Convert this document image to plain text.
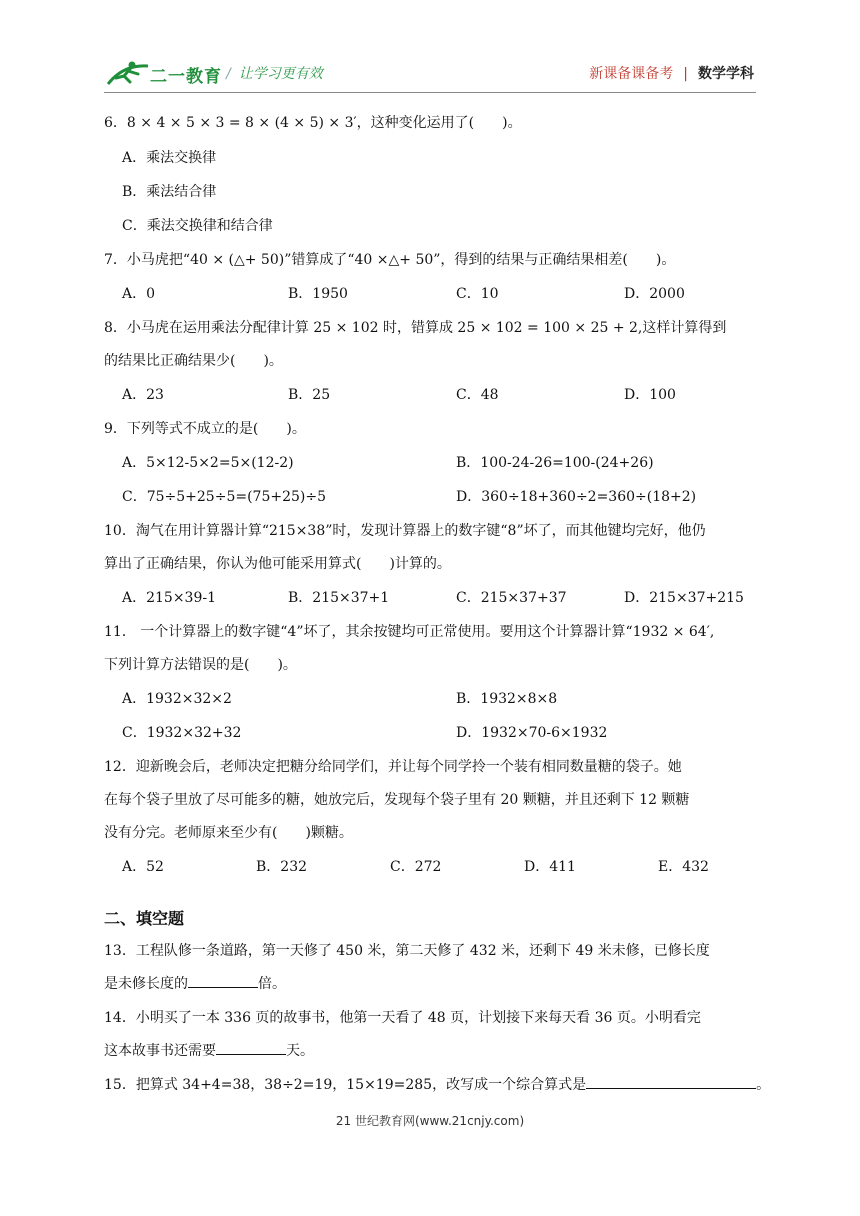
二一教育 / 让学习更有效	新课备课备考 | 数学学科
6．8 × 4 × 5 × 3 = 8 × (4 × 5) × 3′，这种变化运用了(　　)。
A．乘法交换律
B．乘法结合律
C．乘法交换律和结合律
7．小马虎把“40 × (△+ 50)”错算成了“40 ×△+ 50”，得到的结果与正确结果相差(　　)。
A．0	B．1950	C．10	D．2000
8．小马虎在运用乘法分配律计算 25 × 102 时，错算成 25 × 102 = 100 × 25 + 2,这样计算得到
的结果比正确结果少(　　)。
A．23	B．25	C．48	D．100
9．下列等式不成立的是(　　)。
A．5×12-5×2=5×(12-2)	B．100-24-26=100-(24+26)
C．75÷5+25÷5=(75+25)÷5	D．360÷18+360÷2=360÷(18+2)
10．淘气在用计算器计算“215×38”时，发现计算器上的数字键“8”坏了，而其他键均完好，他仍
算出了正确结果，你认为他可能采用算式(　　)计算的。
A．215×39-1	B．215×37+1	C．215×37+37	D．215×37+215
11． 一个计算器上的数字键“4”坏了，其余按键均可正常使用。要用这个计算器计算“1932 × 64′,
下列计算方法错误的是(　　)。
A．1932×32×2	B．1932×8×8
C．1932×32+32	D．1932×70-6×1932
12．迎新晚会后，老师决定把糖分给同学们，并让每个同学拎一个装有相同数量糖的袋子。她
在每个袋子里放了尽可能多的糖，她放完后，发现每个袋子里有 20 颗糖，并且还剩下 12 颗糖
没有分完。老师原来至少有(　　)颗糖。
A．52	B．232	C．272	D．411	E．432
二、填空题
13．工程队修一条道路，第一天修了 450 米，第二天修了 432 米，还剩下 49 米未修，已修长度
是未修长度的	倍。
14．小明买了一本 336 页的故事书，他第一天看了 48 页，计划接下来每天看 36 页。小明看完
这本故事书还需要	天。
15．把算式 34+4=38，38÷2=19，15×19=285，改写成一个综合算式是	。
21 世纪教育网(www.21cnjy.com)
